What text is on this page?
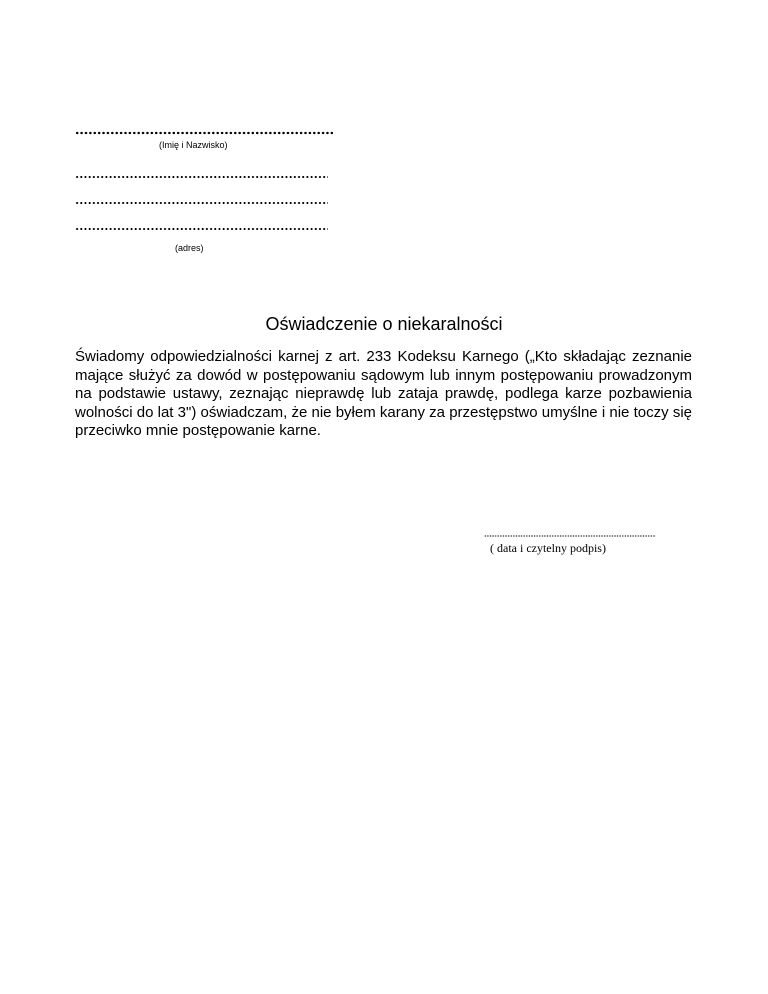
(Imię i Nazwisko)
(adres)
Oświadczenie o niekaralności

Świadomy odpowiedzialności karnej z art. 233 Kodeksu Karnego („Kto składając zeznanie mające służyć za dowód w postępowaniu sądowym lub innym postępowaniu prowadzonym na podstawie ustawy, zeznając nieprawdę lub zataja prawdę, podlega karze pozbawienia wolności do lat 3") oświadczam, że nie byłem karany za przestępstwo umyślne i nie toczy się przeciwko mnie postępowanie karne.

( data i czytelny podpis)
